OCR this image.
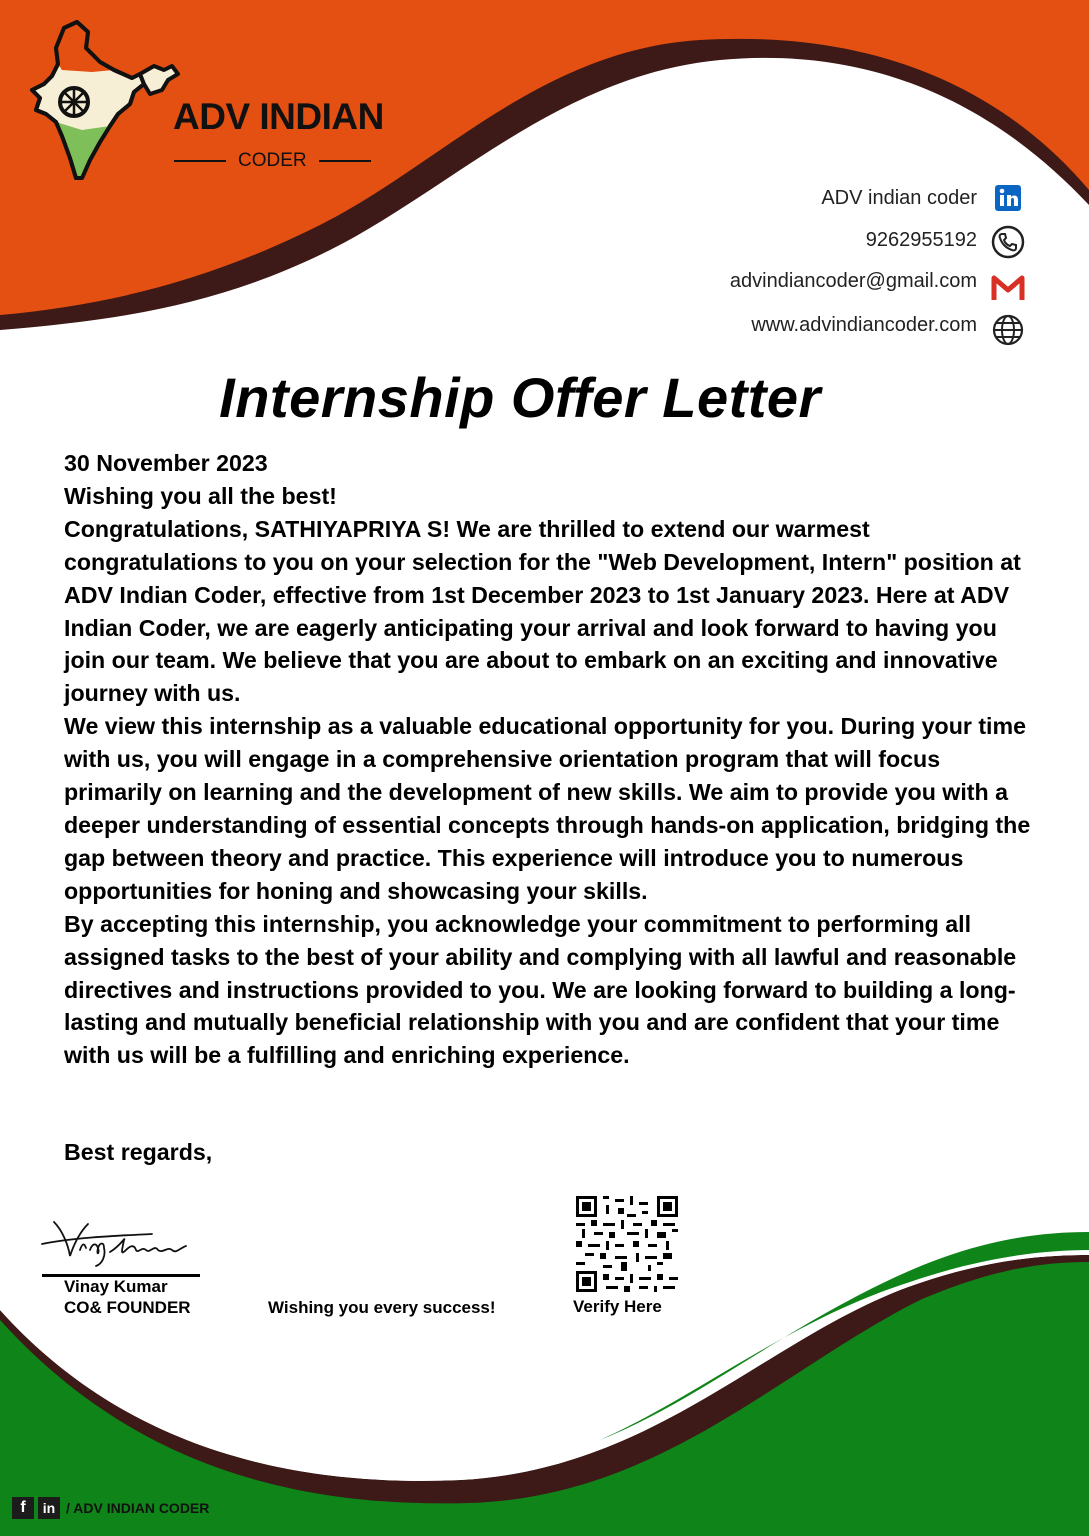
ADV INDIAN
CODER
ADV indian coder
9262955192
advindiancoder@gmail.com
www.advindiancoder.com
Internship Offer Letter

30 November 2023

Wishing you all the best!

Congratulations, SATHIYAPRIYA S! We are thrilled to extend our warmest congratulations to you on your selection for the "Web Development, Intern" position at ADV Indian Coder, effective from 1st December 2023 to 1st January 2023. Here at ADV Indian Coder, we are eagerly anticipating your arrival and look forward to having you join our team. We believe that you are about to embark on an exciting and innovative journey with us.

We view this internship as a valuable educational opportunity for you. During your time with us, you will engage in a comprehensive orientation program that will focus primarily on learning and the development of new skills. We aim to provide you with a deeper understanding of essential concepts through hands-on application, bridging the gap between theory and practice. This experience will introduce you to numerous opportunities for honing and showcasing your skills.

By accepting this internship, you acknowledge your commitment to performing all assigned tasks to the best of your ability and complying with all lawful and reasonable directives and instructions provided to you. We are looking forward to building a long-lasting and mutually beneficial relationship with you and are confident that your time with us will be a fulfilling and enriching experience.

Best regards,
Vinay Kumar
CO& FOUNDER	Wishing you every success!	Verify Here
f	in / ADV INDIAN CODER
